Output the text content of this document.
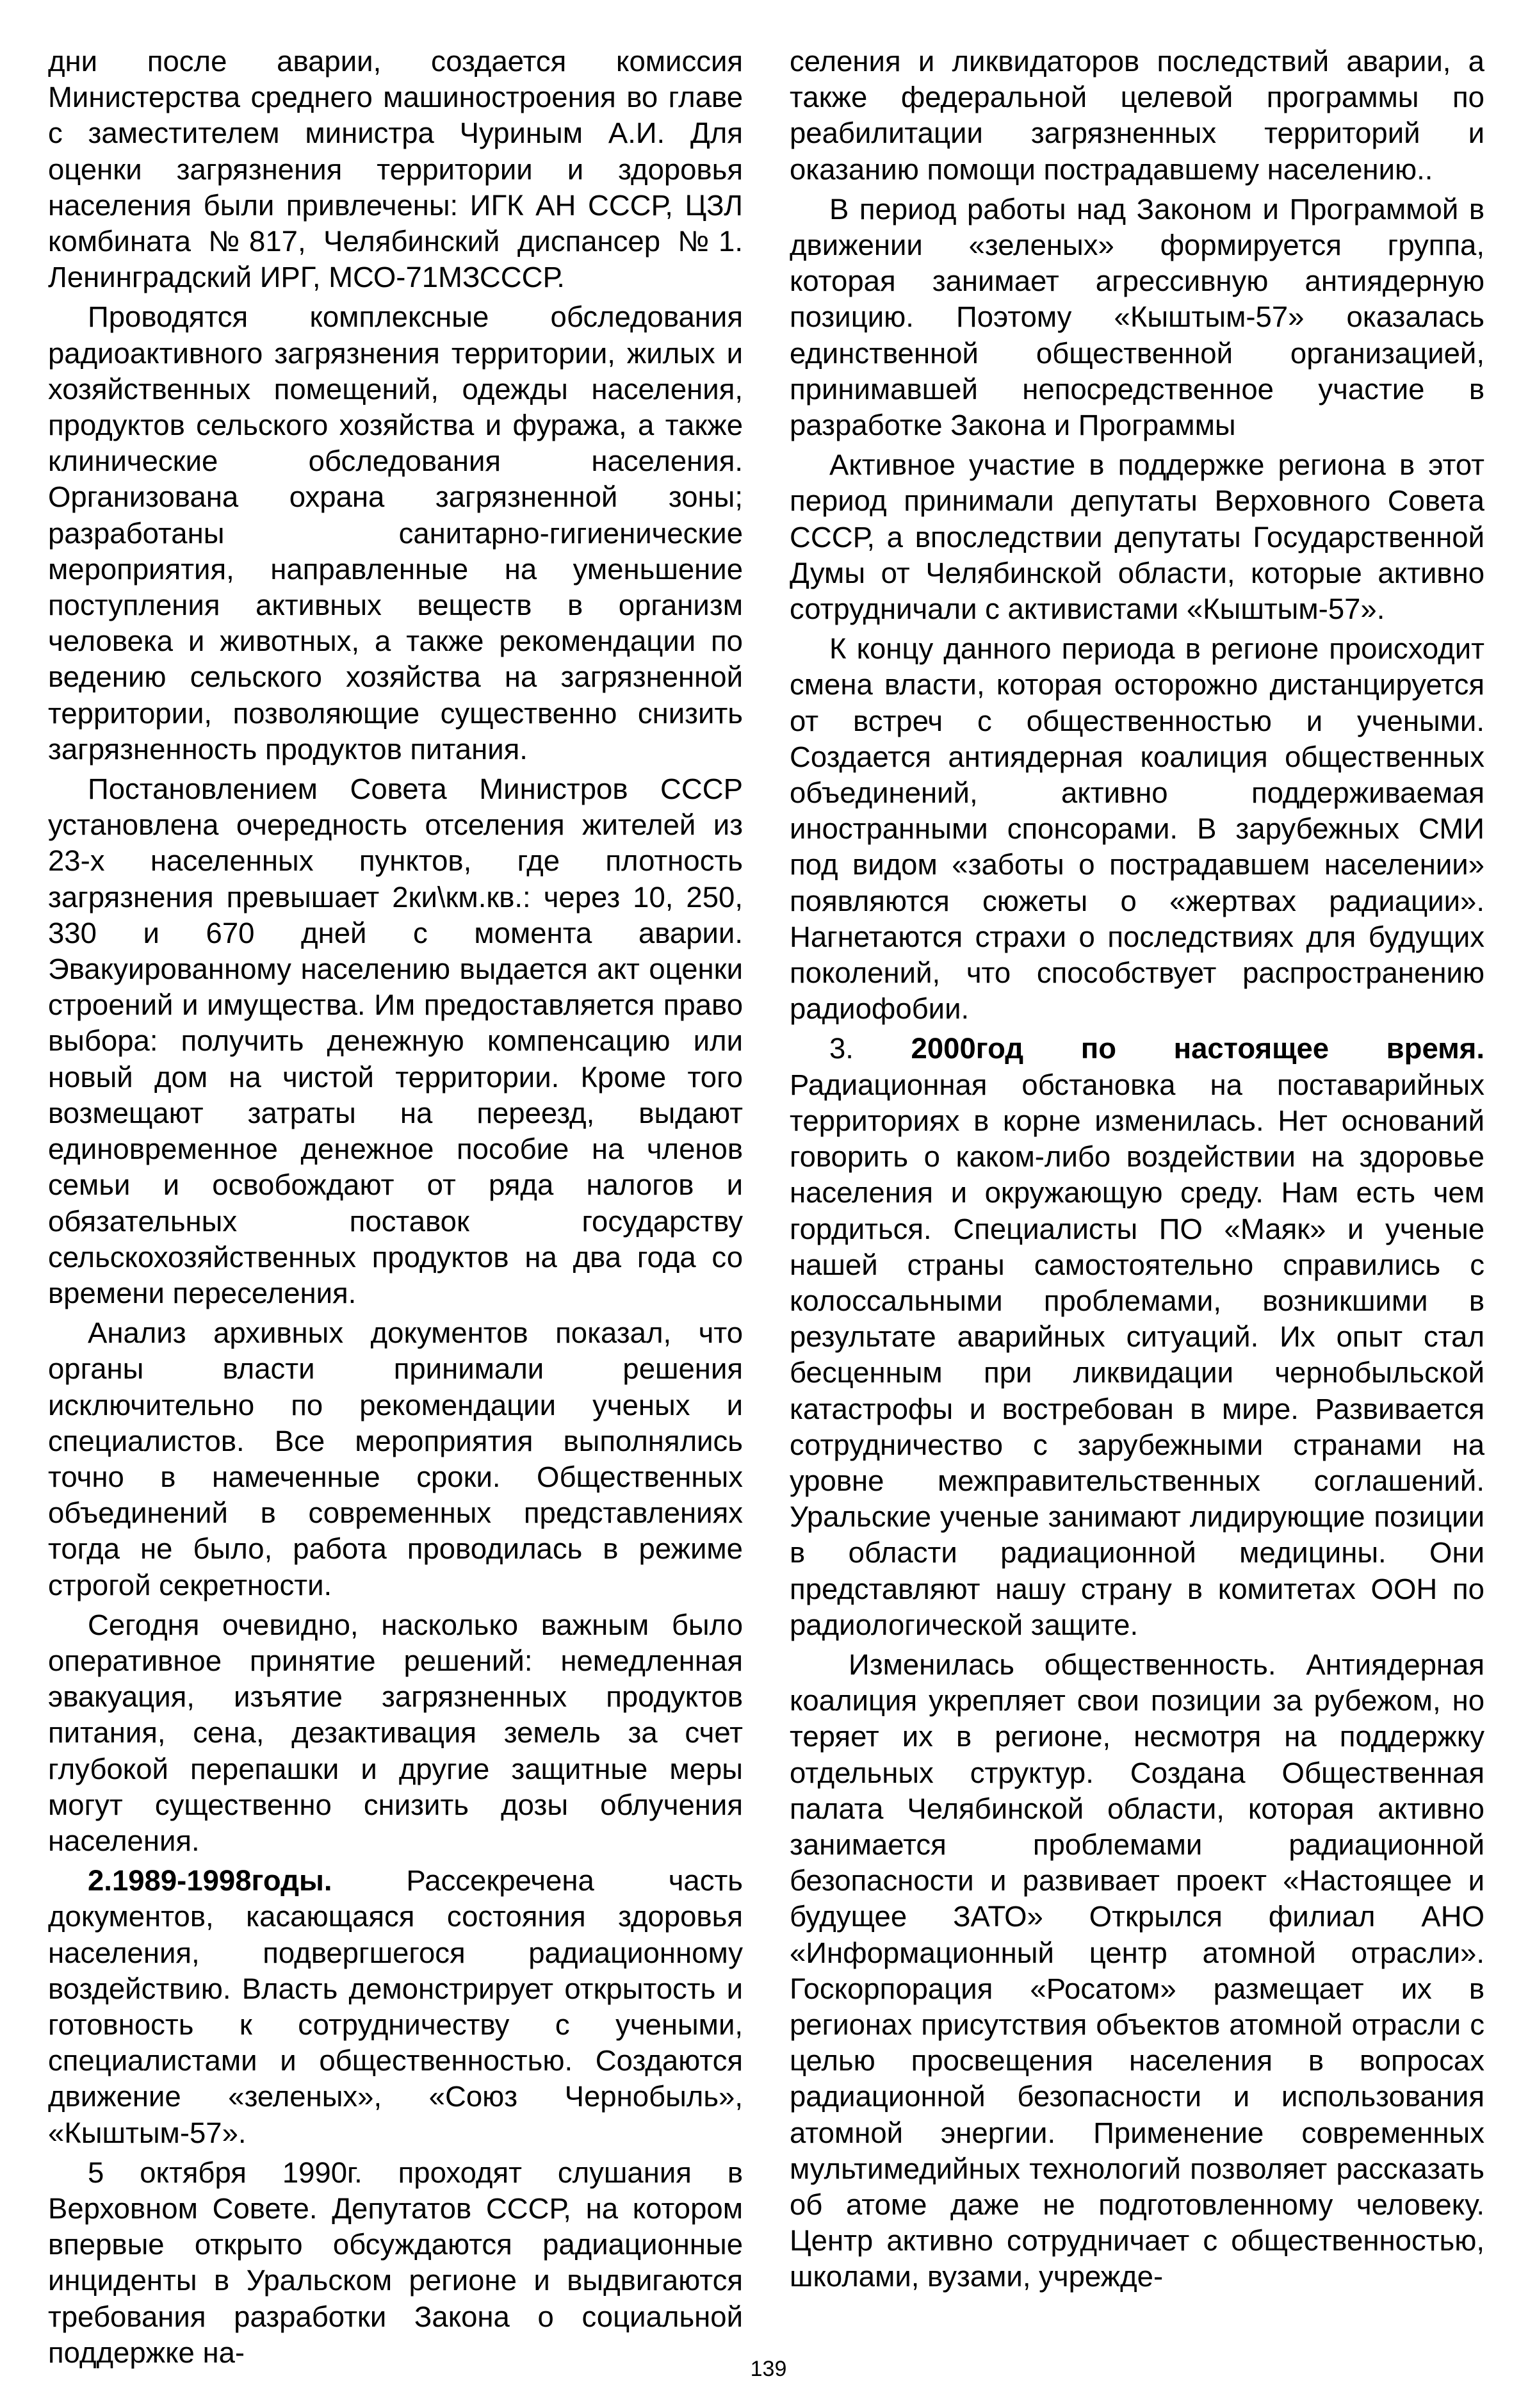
дни после аварии, создается комиссия Министерства среднего машиностроения во главе с заместителем министра Чуриным А.И. Для оценки загрязнения территории и здоровья населения были привлечены: ИГК АН СССР, ЦЗЛ комбината №817, Челябинский диспансер №1. Ленинградский ИРГ, МСО-71МЗСССР.

Проводятся комплексные обследования радиоактивного загрязнения территории, жилых и хозяйственных помещений, одежды населения, продуктов сельского хозяйства и фуража, а также клинические обследования населения. Организована охрана загрязненной зоны; разработаны санитарно-гигиенические мероприятия, направленные на уменьшение поступления активных веществ в организм человека и животных, а также рекомендации по ведению сельского хозяйства на загрязненной территории, позволяющие существенно снизить загрязненность продуктов питания.

Постановлением Совета Министров СССР установлена очередность отселения жителей из 23-х населенных пунктов, где плотность загрязнения превышает 2ки\км.кв.: через 10, 250, 330 и 670 дней с момента аварии. Эвакуированному населению выдается акт оценки строений и имущества. Им предоставляется право выбора: получить денежную компенсацию или новый дом на чистой территории. Кроме того возмещают затраты на переезд, выдают единовременное денежное пособие на членов семьи и освобождают от ряда налогов и обязательных поставок государству сельскохозяйственных продуктов на два года со времени переселения.

Анализ архивных документов показал, что органы власти принимали решения исключительно по рекомендации ученых и специалистов. Все мероприятия выполнялись точно в намеченные сроки. Общественных объединений в современных представлениях тогда не было, работа проводилась в режиме строгой секретности.

Сегодня очевидно, насколько важным было оперативное принятие решений: немедленная эвакуация, изъятие загрязненных продуктов питания, сена, дезактивация земель за счет глубокой перепашки и другие защитные меры могут существенно снизить дозы облучения населения.

2.1989-1998годы. Рассекречена часть документов, касающаяся состояния здоровья населения, подвергшегося радиационному воздействию. Власть демонстрирует открытость и готовность к сотрудничеству с учеными, специалистами и общественностью. Создаются движение «зеленых», «Союз Чернобыль», «Кыштым-57».

5 октября 1990г. проходят слушания в Верховном Совете. Депутатов СССР, на котором впервые открыто обсуждаются радиационные инциденты в Уральском регионе и выдвигаются требования разработки Закона о социальной поддержке на-

селения и ликвидаторов последствий аварии, а также федеральной целевой программы по реабилитации загрязненных территорий и оказанию помощи пострадавшему населению..

В период работы над Законом и Программой в движении «зеленых» формируется группа, которая занимает агрессивную антиядерную позицию. Поэтому «Кыштым-57» оказалась единственной общественной организацией, принимавшей непосредственное участие в разработке Закона и Программы

Активное участие в поддержке региона в этот период принимали депутаты Верховного Совета СССР, а впоследствии депутаты Государственной Думы от Челябинской области, которые активно сотрудничали с активистами «Кыштым-57».

К концу данного периода в регионе происходит смена власти, которая осторожно дистанцируется от встреч с общественностью и учеными. Создается антиядерная коалиция общественных объединений, активно поддерживаемая иностранными спонсорами. В зарубежных СМИ под видом «заботы о пострадавшем населении» появляются сюжеты о «жертвах радиации». Нагнетаются страхи о последствиях для будущих поколений, что способствует распространению радиофобии.

3. 2000год по настоящее время. Радиационная обстановка на поставарийных территориях в корне изменилась. Нет оснований говорить о каком-либо воздействии на здоровье населения и окружающую среду. Нам есть чем гордиться. Специалисты ПО «Маяк» и ученые нашей страны самостоятельно справились с колоссальными проблемами, возникшими в результате аварийных ситуаций. Их опыт стал бесценным при ликвидации чернобыльской катастрофы и востребован в мире. Развивается сотрудничество с зарубежными странами на уровне межправительственных соглашений. Уральские ученые занимают лидирующие позиции в области радиационной медицины. Они представляют нашу страну в комитетах ООН по радиологической защите.

Изменилась общественность. Антиядерная коалиция укрепляет свои позиции за рубежом, но теряет их в регионе, несмотря на поддержку отдельных структур. Создана Общественная палата Челябинской области, которая активно занимается проблемами радиационной безопасности и развивает проект «Настоящее и будущее ЗАТО» Открылся филиал АНО «Информационный центр атомной отрасли». Госкорпорация «Росатом» размещает их в регионах присутствия объектов атомной отрасли с целью просвещения населения в вопросах радиационной безопасности и использования атомной энергии. Применение современных мультимедийных технологий позволяет рассказать об атоме даже не подготовленному человеку. Центр активно сотрудничает с общественностью, школами, вузами, учрежде-

139
